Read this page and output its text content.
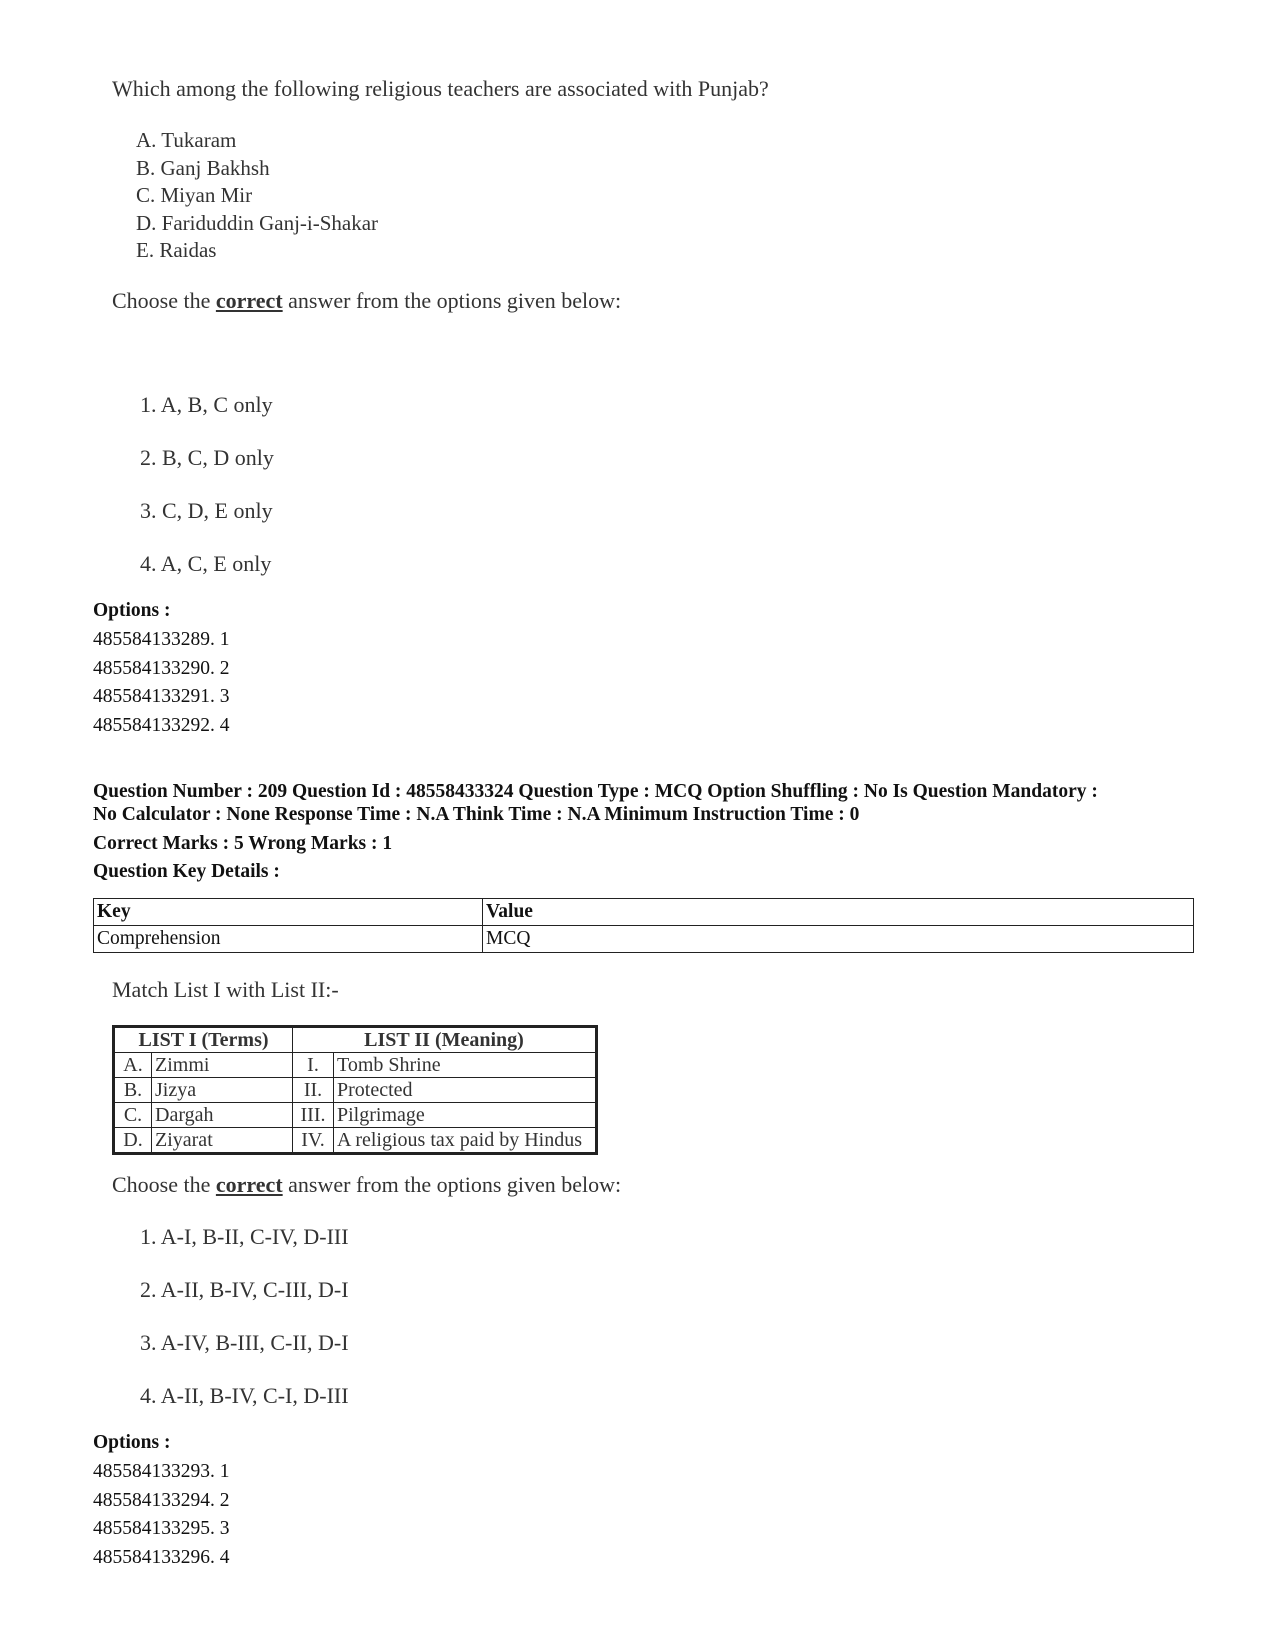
Which among the following religious teachers are associated with Punjab?
A. Tukaram
B. Ganj Bakhsh
C. Miyan Mir
D. Fariduddin Ganj-i-Shakar
E. Raidas
Choose the correct answer from the options given below:
1. A, B, C only
2. B, C, D only
3. C, D, E only
4. A, C, E only
Options :
485584133289. 1
485584133290. 2
485584133291. 3
485584133292. 4
Question Number : 209 Question Id : 48558433324 Question Type : MCQ Option Shuffling : No Is Question Mandatory :
No Calculator : None Response Time : N.A Think Time : N.A Minimum Instruction Time : 0
Correct Marks : 5 Wrong Marks : 1
Question Key Details :
Key	Value
Comprehension	MCQ
Match List I with List II:-
LIST I (Terms)		LIST II (Meaning)	
A.	Zimmi	I.	Tomb Shrine
B.	Jizya	II.	Protected
C.	Dargah	III.	Pilgrimage
D.	Ziyarat	IV.	A religious tax paid by Hindus
Choose the correct answer from the options given below:
1. A-I, B-II, C-IV, D-III
2. A-II, B-IV, C-III, D-I
3. A-IV, B-III, C-II, D-I
4. A-II, B-IV, C-I, D-III
Options :
485584133293. 1
485584133294. 2
485584133295. 3
485584133296. 4
